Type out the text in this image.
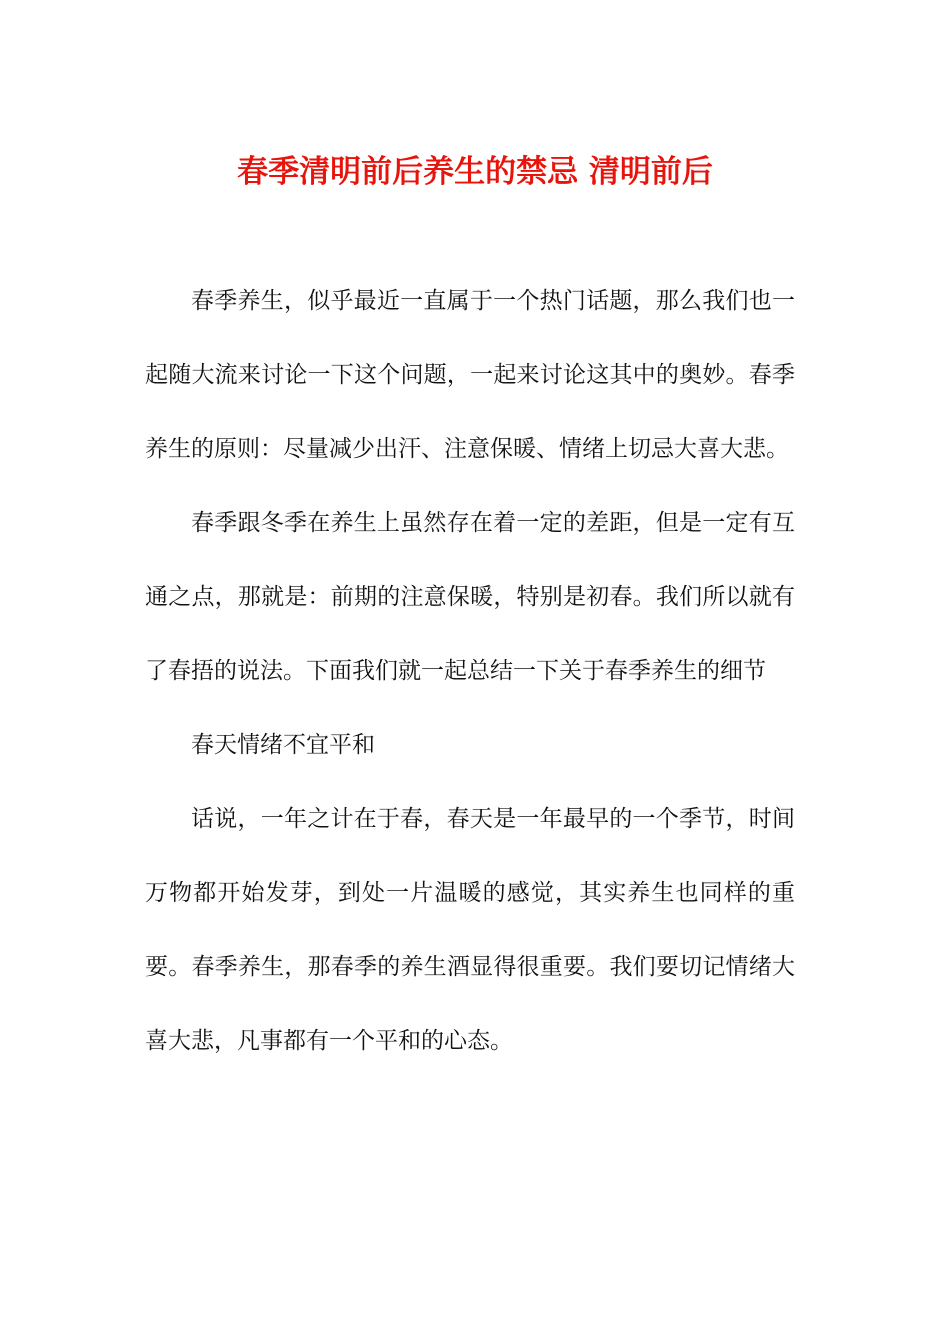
春季清明前后养生的禁忌 清明前后

春季养生，似乎最近一直属于一个热门话题，那么我们也一起随大流来讨论一下这个问题，一起来讨论这其中的奥妙。春季养生的原则：尽量减少出汗、注意保暖、情绪上切忌大喜大悲。

春季跟冬季在养生上虽然存在着一定的差距，但是一定有互通之点，那就是：前期的注意保暖，特别是初春。我们所以就有了春捂的说法。下面我们就一起总结一下关于春季养生的细节

春天情绪不宜平和

话说，一年之计在于春，春天是一年最早的一个季节，时间万物都开始发芽，到处一片温暖的感觉，其实养生也同样的重要。春季养生，那春季的养生酒显得很重要。我们要切记情绪大喜大悲，凡事都有一个平和的心态。
